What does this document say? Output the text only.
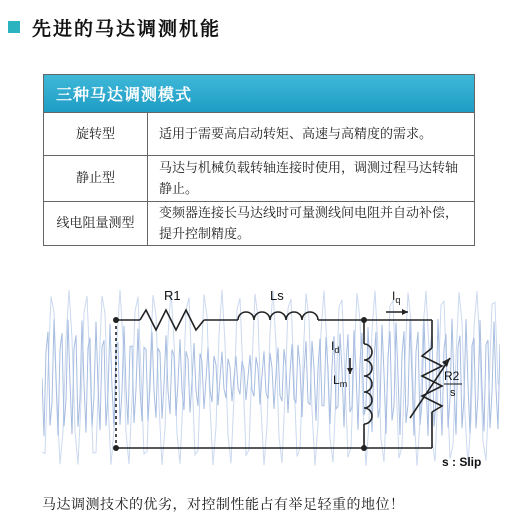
先进的马达调测机能
三种马达调测模式	
旋转型	适用于需要高启动转矩、高速与高精度的需求。
静止型	马达与机械负载转轴连接时使用，调测过程马达转轴静止。
线电阻量测型	变频器连接长马达线时可量测线间电阻并自动补偿，提升控制精度。
R1	Ls	$I_q$
$I_d$
$L_m$
R2
s
s : Slip
马达调测技术的优劣，对控制性能占有举足轻重的地位！
